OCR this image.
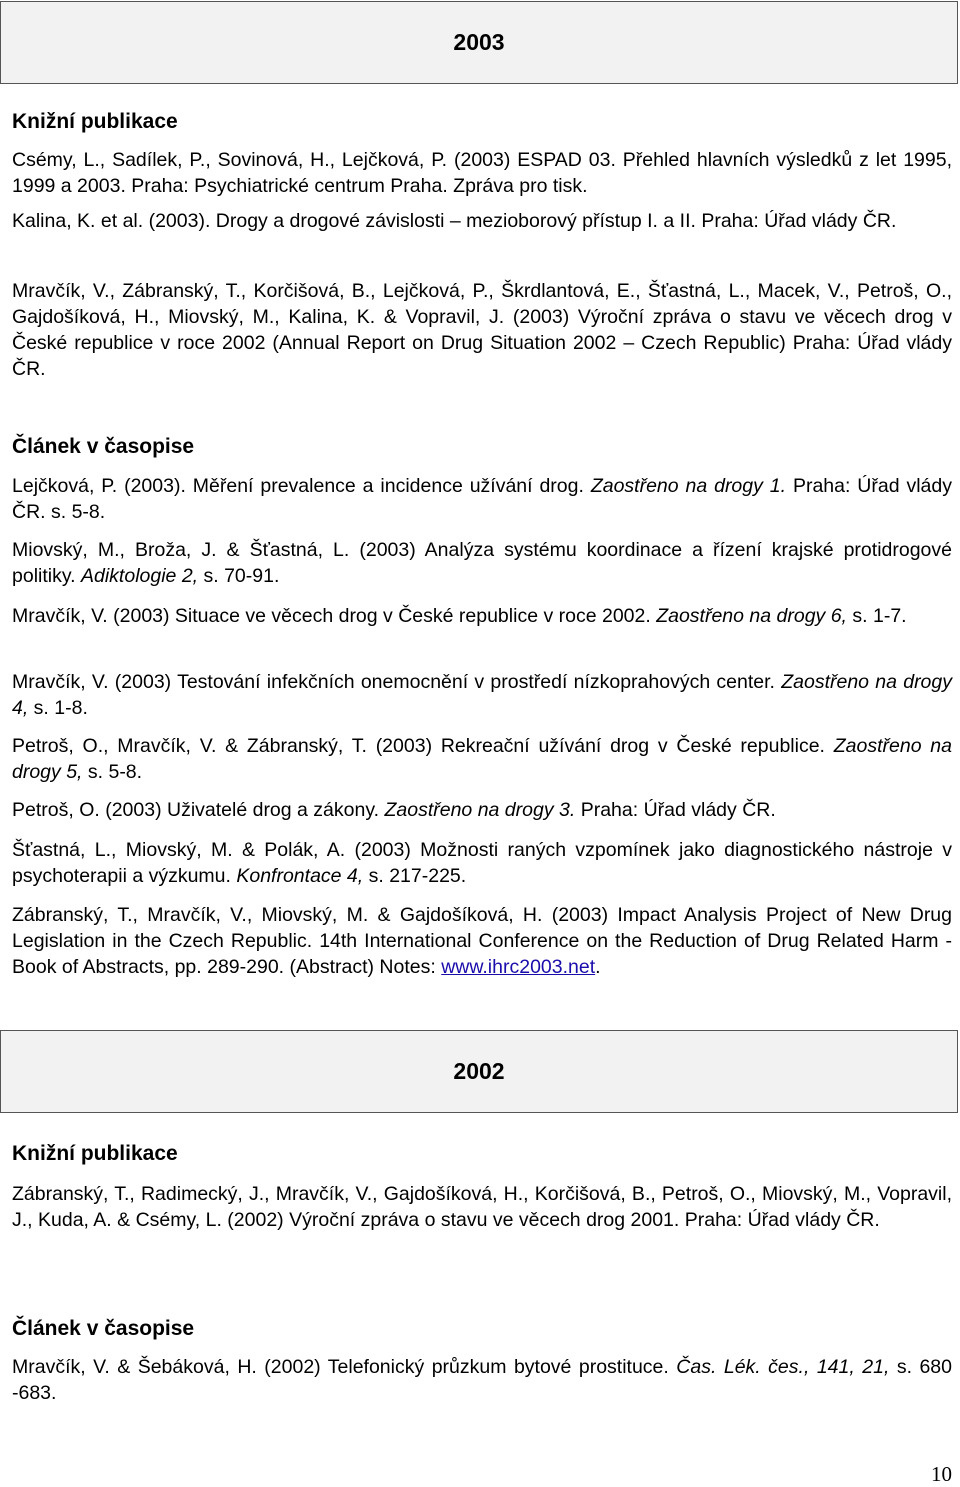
2003
Knižní publikace

Csémy, L., Sadílek, P., Sovinová, H., Lejčková, P. (2003) ESPAD 03. Přehled hlavních výsledků z let 1995, 1999 a 2003. Praha: Psychiatrické centrum Praha. Zpráva pro tisk.

Kalina, K. et al. (2003). Drogy a drogové závislosti – mezioborový přístup I. a II. Praha: Úřad vlády ČR.

Mravčík, V., Zábranský, T., Korčišová, B., Lejčková, P., Škrdlantová, E., Šťastná, L., Macek, V., Petroš, O., Gajdošíková, H., Miovský, M., Kalina, K. & Vopravil, J. (2003) Výroční zpráva o stavu ve věcech drog v České republice v roce 2002 (Annual Report on Drug Situation 2002 – Czech Republic) Praha: Úřad vlády ČR.

Článek v časopise

Lejčková, P. (2003). Měření prevalence a incidence užívání drog. Zaostřeno na drogy 1. Praha: Úřad vlády ČR. s. 5-8.

Miovský, M., Brožа, J. & Šťastná, L. (2003) Analýza systému koordinace a řízení krajské protidrogové politiky. Adiktologie 2, s. 70-91.

Mravčík, V. (2003) Situace ve věcech drog v České republice v roce 2002. Zaostřeno na drogy 6, s. 1-7.

Mravčík, V. (2003) Testování infekčních onemocnění v prostředí nízkoprahových center. Zaostřeno na drogy 4, s. 1-8.

Petroš, O., Mravčík, V. & Zábranský, T. (2003) Rekreační užívání drog v České republice. Zaostřeno na drogy 5, s. 5-8.

Petroš, O. (2003) Uživatelé drog a zákony. Zaostřeno na drogy 3. Praha: Úřad vlády ČR.

Šťastná, L., Miovský, M. & Polák, A. (2003) Možnosti raných vzpomínek jako diagnostického nástroje v psychoterapii a výzkumu. Konfrontace 4, s. 217-225.

Zábranský, T., Mravčík, V., Miovský, M. & Gajdošíková, H. (2003) Impact Analysis Project of New Drug Legislation in the Czech Republic. 14th International Conference on the Reduction of Drug Related Harm - Book of Abstracts, pp. 289-290. (Abstract) Notes: www.ihrc2003.net.

2002
Knižní publikace

Zábranský, T., Radimecký, J., Mravčík, V., Gajdošíková, H., Korčišová, B., Petroš, O., Miovský, M., Vopravil, J., Kuda, A. & Csémy, L. (2002) Výroční zpráva o stavu ve věcech drog 2001. Praha: Úřad vlády ČR.

Článek v časopise

Mravčík, V. & Šebáková, H. (2002) Telefonický průzkum bytové prostituce. Čas. Lék. čes., 141, 21, s. 680 -683.

10
